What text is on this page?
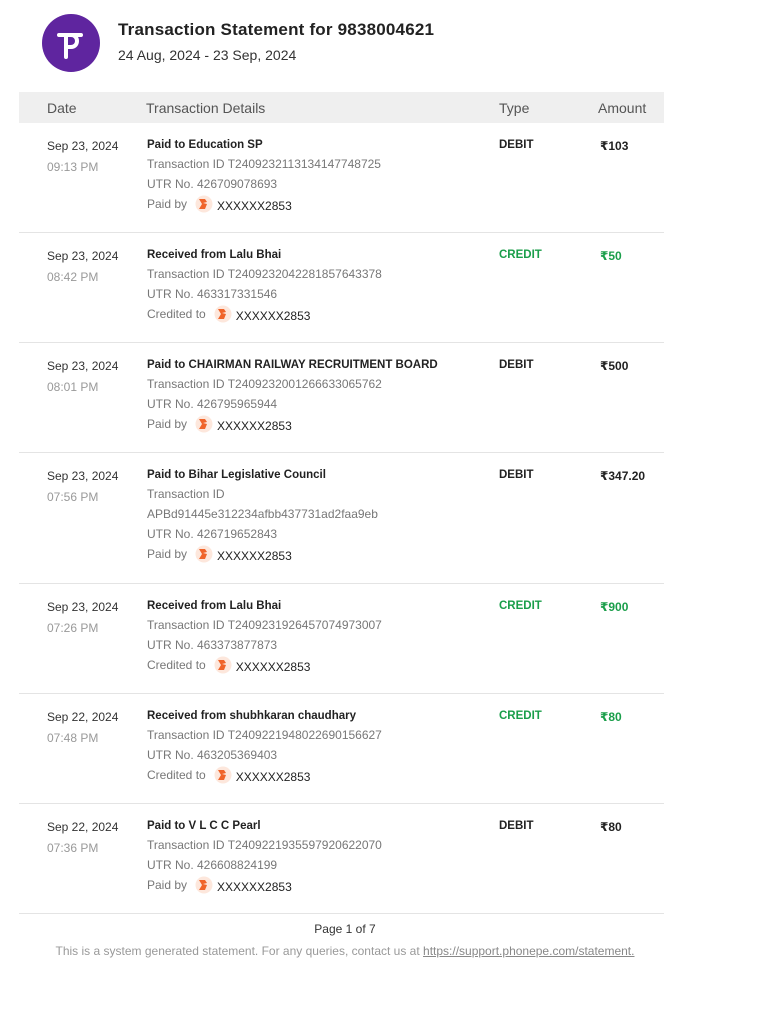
Transaction Statement for 9838004621
24 Aug, 2024 - 23 Sep, 2024
Date	Transaction Details	Type	Amount
Sep 23, 2024
09:13 PM
Paid to Education SP
Transaction ID T2409232113134147748725
UTR No. 426709078693
Paid by	XXXXXX2853
DEBIT	₹103
Sep 23, 2024
08:42 PM
Received from Lalu Bhai
Transaction ID T2409232042281857643378
UTR No. 463317331546
Credited to	XXXXXX2853
CREDIT	₹50
Sep 23, 2024
08:01 PM
Paid to CHAIRMAN RAILWAY RECRUITMENT BOARD
Transaction ID T2409232001266633065762
UTR No. 426795965944
Paid by	XXXXXX2853
DEBIT	₹500
Sep 23, 2024
07:56 PM
Paid to Bihar Legislative Council
Transaction ID
APBd91445e312234afbb437731ad2faa9eb
UTR No. 426719652843
Paid by	XXXXXX2853
DEBIT	₹347.20
Sep 23, 2024
07:26 PM
Received from Lalu Bhai
Transaction ID T2409231926457074973007
UTR No. 463373877873
Credited to	XXXXXX2853
CREDIT	₹900
Sep 22, 2024
07:48 PM
Received from shubhkaran chaudhary
Transaction ID T2409221948022690156627
UTR No. 463205369403
Credited to	XXXXXX2853
CREDIT	₹80
Sep 22, 2024
07:36 PM
Paid to V L C C Pearl
Transaction ID T2409221935597920622070
UTR No. 426608824199
Paid by	XXXXXX2853
DEBIT	₹80
Page 1 of 7
This is a system generated statement. For any queries, contact us at https://support.phonepe.com/statement.
